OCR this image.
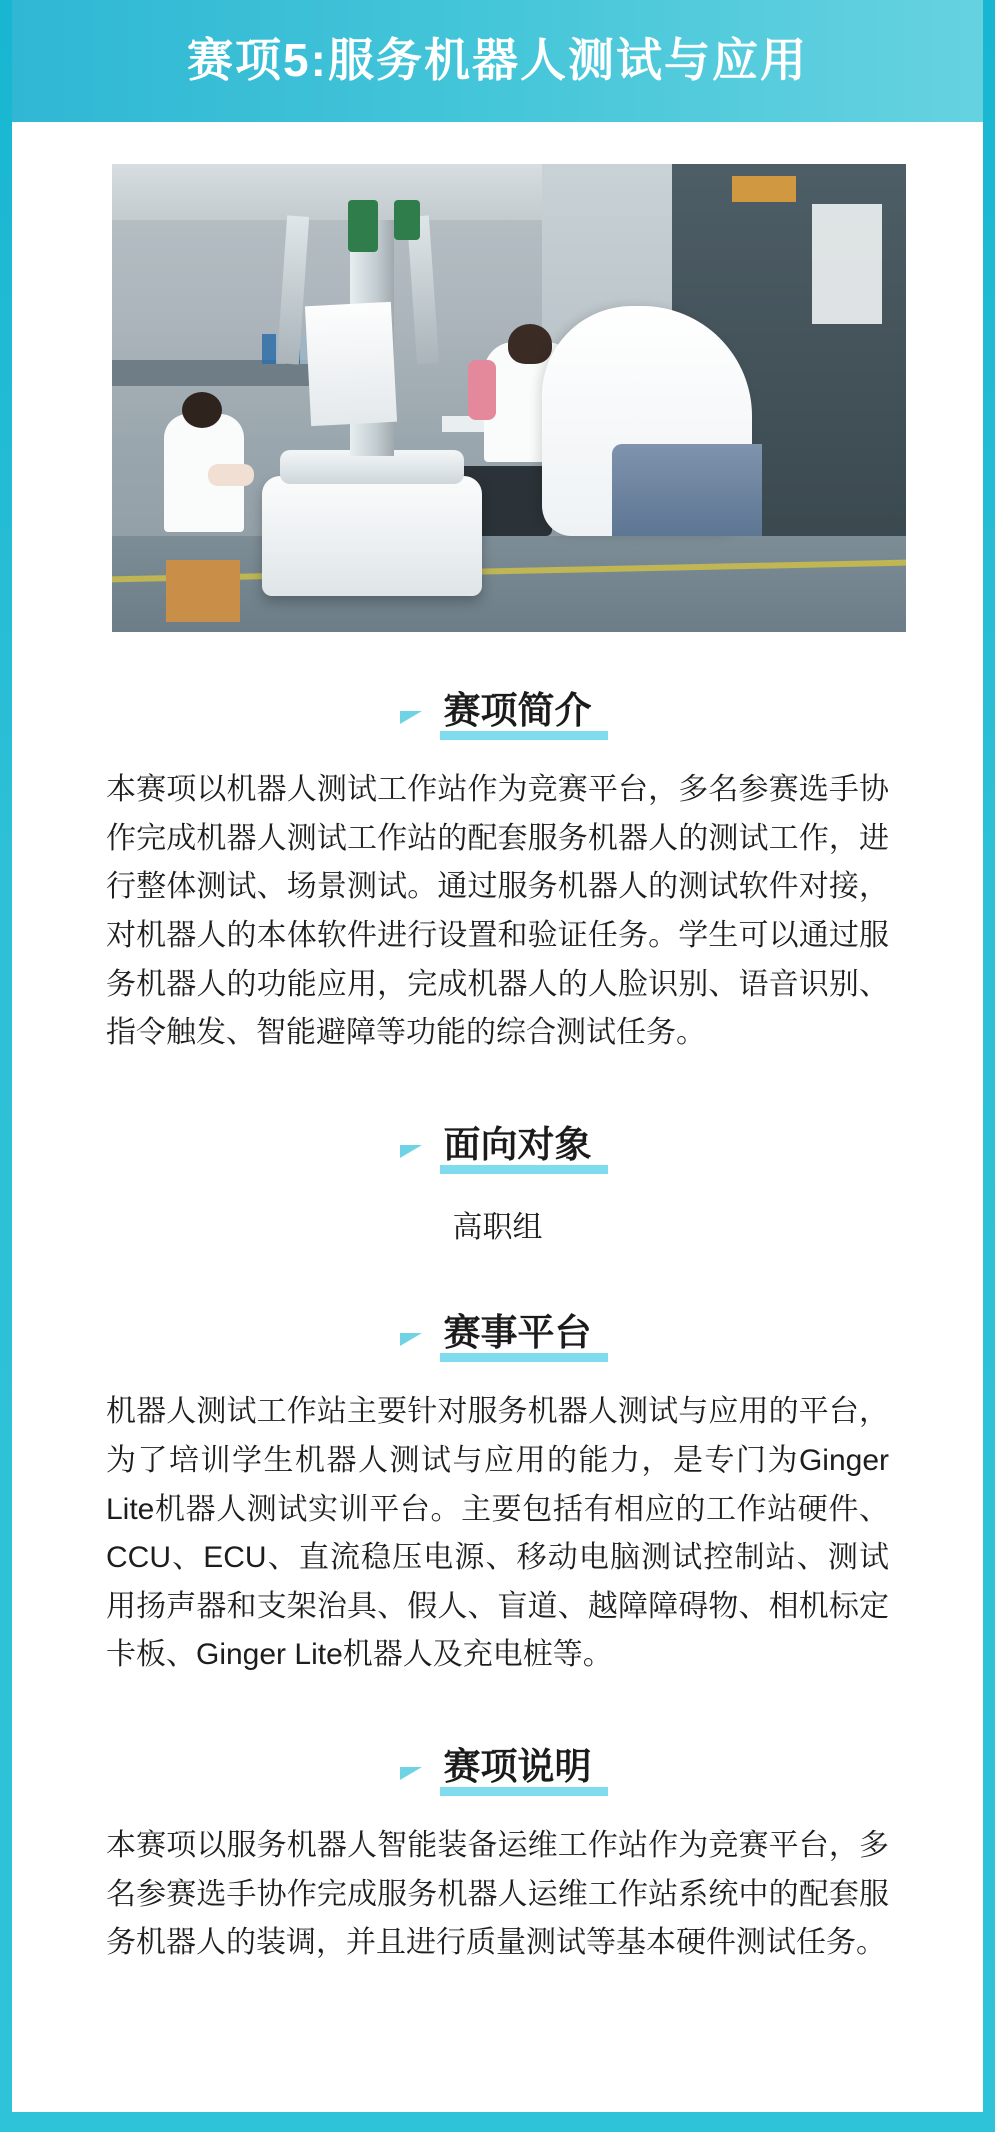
赛项5:服务机器人测试与应用
赛项简介

本赛项以机器人测试工作站作为竞赛平台，多名参赛选手协作完成机器人测试工作站的配套服务机器人的测试工作，进行整体测试、场景测试。通过服务机器人的测试软件对接，对机器人的本体软件进行设置和验证任务。学生可以通过服务机器人的功能应用，完成机器人的人脸识别、语音识别、指令触发、智能避障等功能的综合测试任务。

面向对象

高职组

赛事平台

机器人测试工作站主要针对服务机器人测试与应用的平台，为了培训学生机器人测试与应用的能力，是专门为Ginger Lite机器人测试实训平台。主要包括有相应的工作站硬件、CCU、ECU、直流稳压电源、移动电脑测试控制站、测试用扬声器和支架治具、假人、盲道、越障障碍物、相机标定卡板、Ginger Lite机器人及充电桩等。

赛项说明

本赛项以服务机器人智能装备运维工作站作为竞赛平台，多名参赛选手协作完成服务机器人运维工作站系统中的配套服务机器人的装调，并且进行质量测试等基本硬件测试任务。
